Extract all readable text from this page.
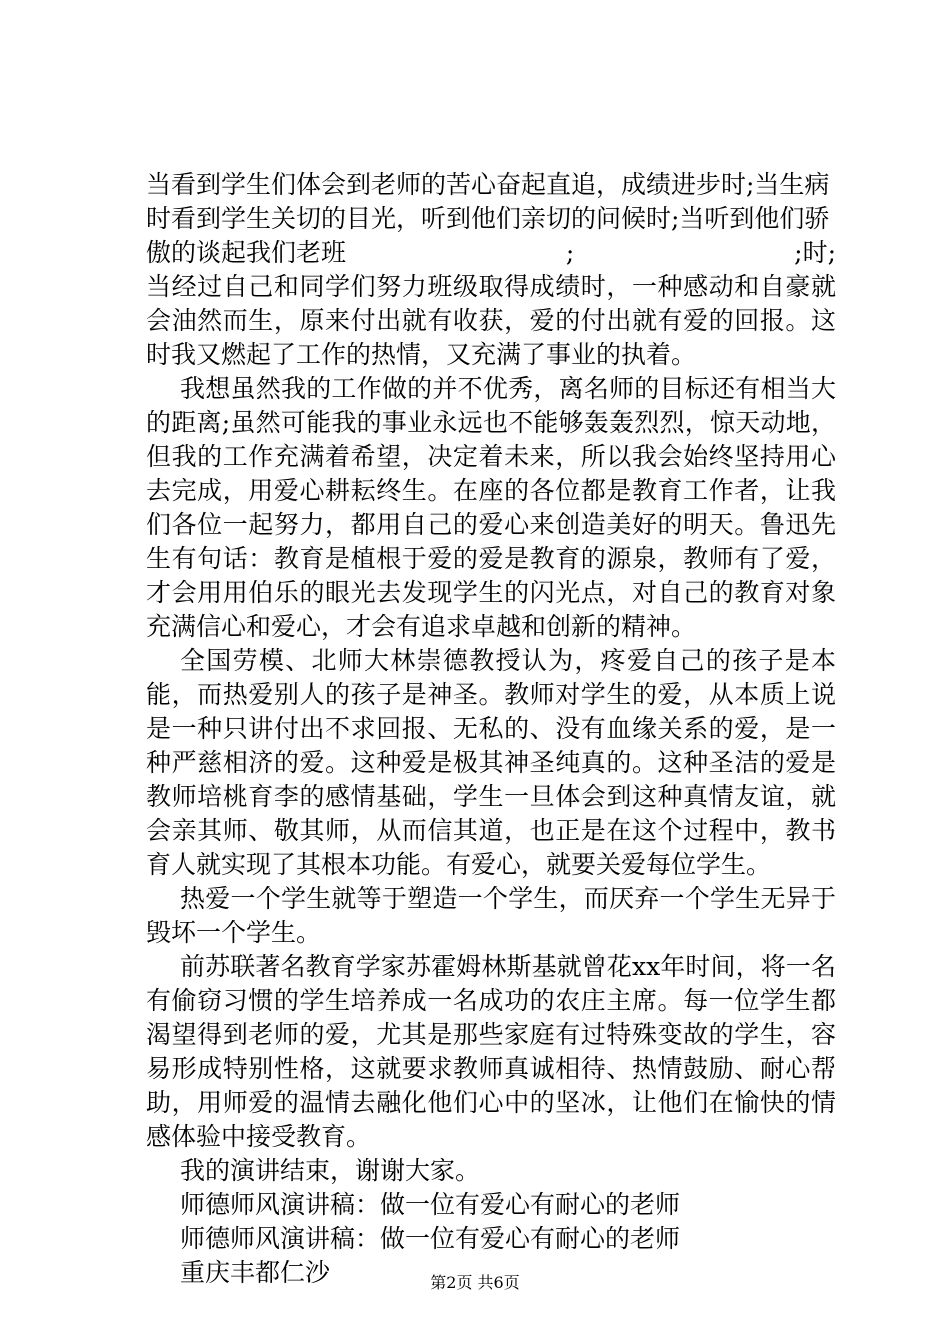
当看到学生们体会到老师的苦心奋起直追，成绩进步时;当生病

时看到学生关切的目光，听到他们亲切的问候时;当听到他们骄

傲的谈起我们老班	;	;时;

当经过自己和同学们努力班级取得成绩时，一种感动和自豪就会油然而生，原来付出就有收获，爱的付出就有爱的回报。这时我又燃起了工作的热情，又充满了事业的执着。

我想虽然我的工作做的并不优秀，离名师的目标还有相当大的距离;虽然可能我的事业永远也不能够轰轰烈烈，惊天动地，但我的工作充满着希望，决定着未来，所以我会始终坚持用心去完成，用爱心耕耘终生。在座的各位都是教育工作者，让我们各位一起努力，都用自己的爱心来创造美好的明天。鲁迅先生有句话：教育是植根于爱的爱是教育的源泉，教师有了爱，才会用用伯乐的眼光去发现学生的闪光点，对自己的教育对象充满信心和爱心，才会有追求卓越和创新的精神。

全国劳模、北师大林崇德教授认为，疼爱自己的孩子是本能，而热爱别人的孩子是神圣。教师对学生的爱，从本质上说是一种只讲付出不求回报、无私的、没有血缘关系的爱，是一种严慈相济的爱。这种爱是极其神圣纯真的。这种圣洁的爱是教师培桃育李的感情基础，学生一旦体会到这种真情友谊，就会亲其师、敬其师，从而信其道，也正是在这个过程中，教书育人就实现了其根本功能。有爱心，就要关爱每位学生。

热爱一个学生就等于塑造一个学生，而厌弃一个学生无异于毁坏一个学生。

前苏联著名教育学家苏霍姆林斯基就曾花xx年时间，将一名有偷窃习惯的学生培养成一名成功的农庄主席。每一位学生都渴望得到老师的爱，尤其是那些家庭有过特殊变故的学生，容易形成特别性格，这就要求教师真诚相待、热情鼓励、耐心帮助，用师爱的温情去融化他们心中的坚冰，让他们在愉快的情感体验中接受教育。

我的演讲结束，谢谢大家。

师德师风演讲稿：做一位有爱心有耐心的老师

师德师风演讲稿：做一位有爱心有耐心的老师

重庆丰都仁沙	第2页 共6页
